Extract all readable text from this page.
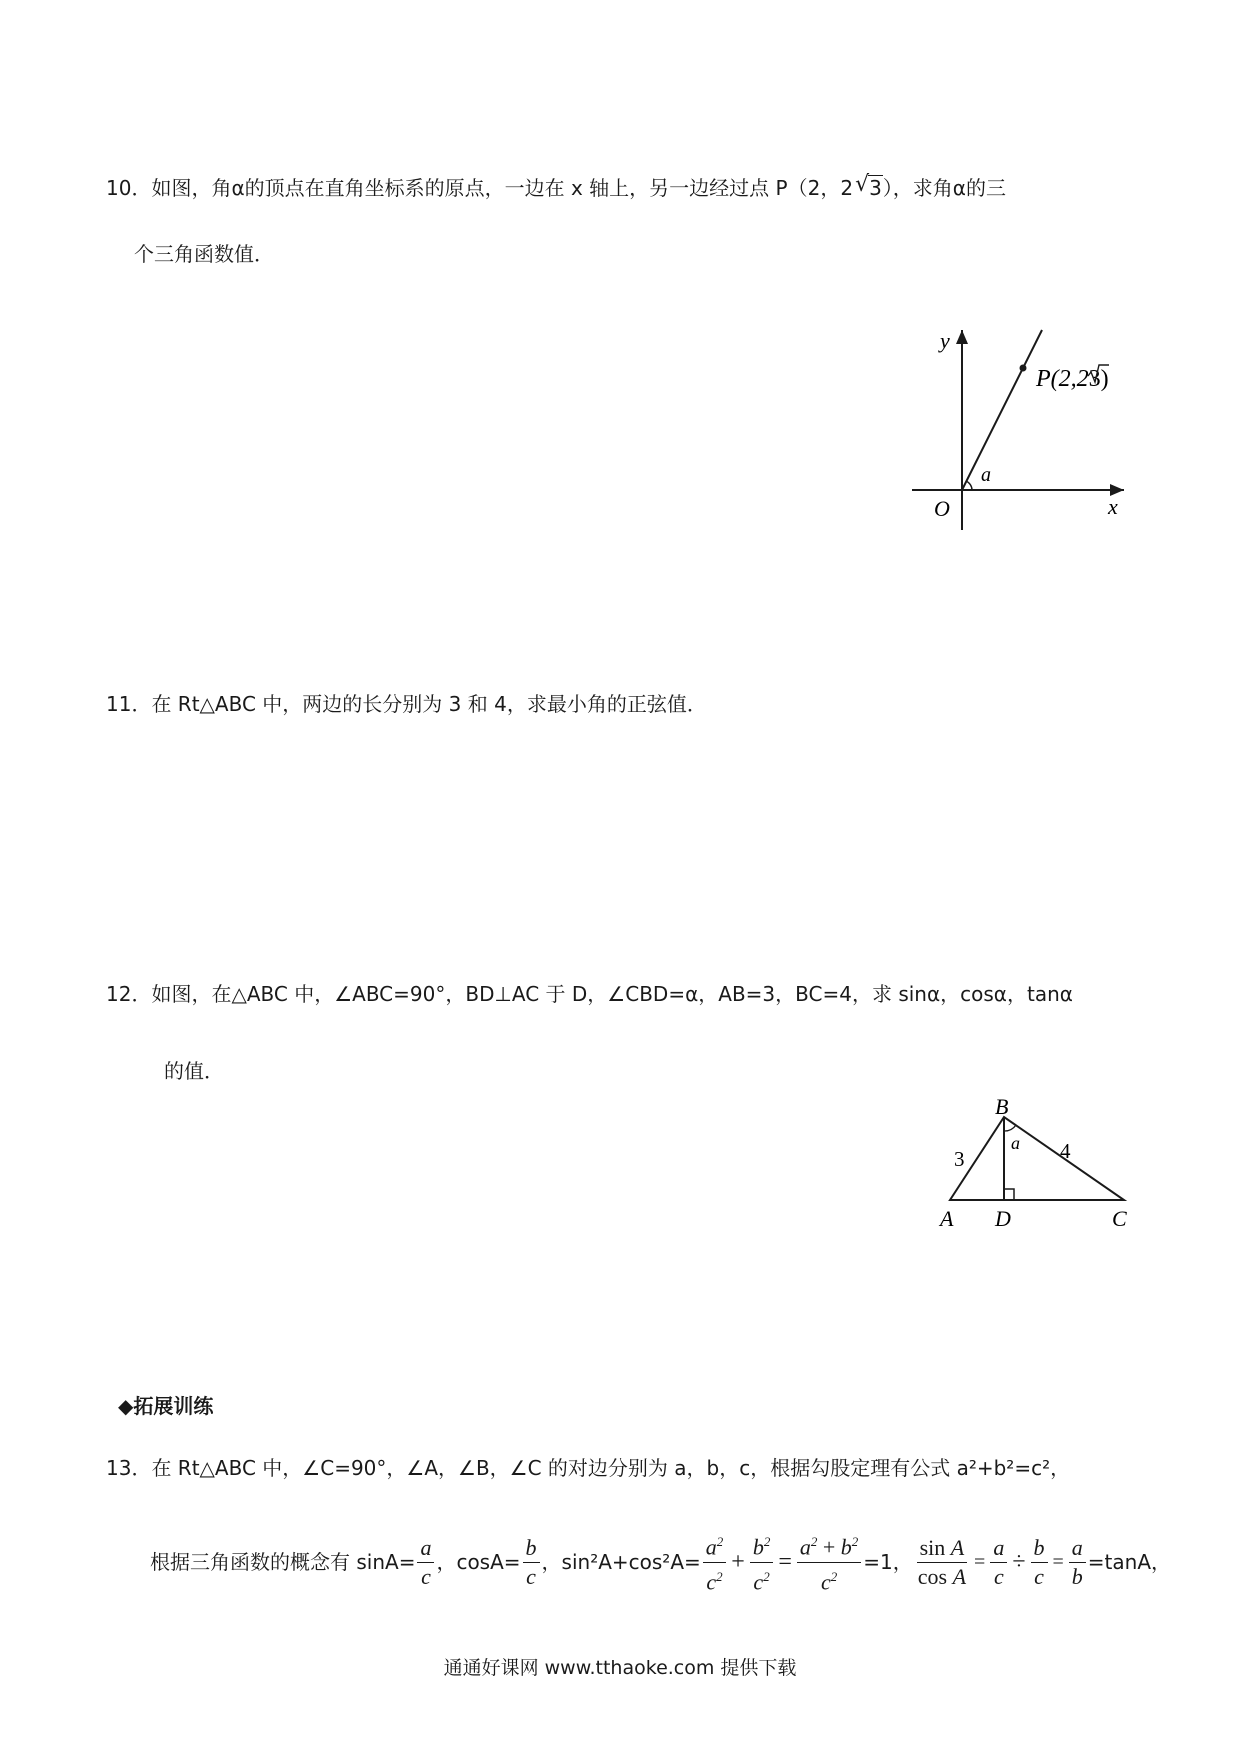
10．如图，角α的顶点在直角坐标系的原点，一边在 x 轴上，另一边经过点 P（2，2√ 3），求角α的三
个三角函数值．
y
x
O
a
P(2,23)
11．在 Rt△ABC 中，两边的长分别为 3 和 4，求最小角的正弦值．
12．如图，在△ABC 中，∠ABC=90°，BD⊥AC 于 D，∠CBD=α，AB=3，BC=4，求 sinα，cosα，tanα
的值．
B
A D	C
3	4
a
◆拓展训练
13．在 Rt△ABC 中，∠C=90°，∠A，∠B，∠C 的对边分别为 a，b，c，根据勾股定理有公式 a²+b²=c²，
根据三角函数的概念有 $\sin A= \frac{a}{c}$ ，$\cos A= \frac{b}{c}$ ，$\sin^2A+\cos^2A= \frac{a^2}{c^2} + \frac{b^2}{c^2} = \frac{a^2 + b^2}{c^2} =1$， $\frac{\text{sin A}}{\text{cos A}} = \frac{a}{c} \div \frac{b}{c} = \frac{a}{b} =\tan A$，
通通好课网 www.tthaoke.com 提供下载
